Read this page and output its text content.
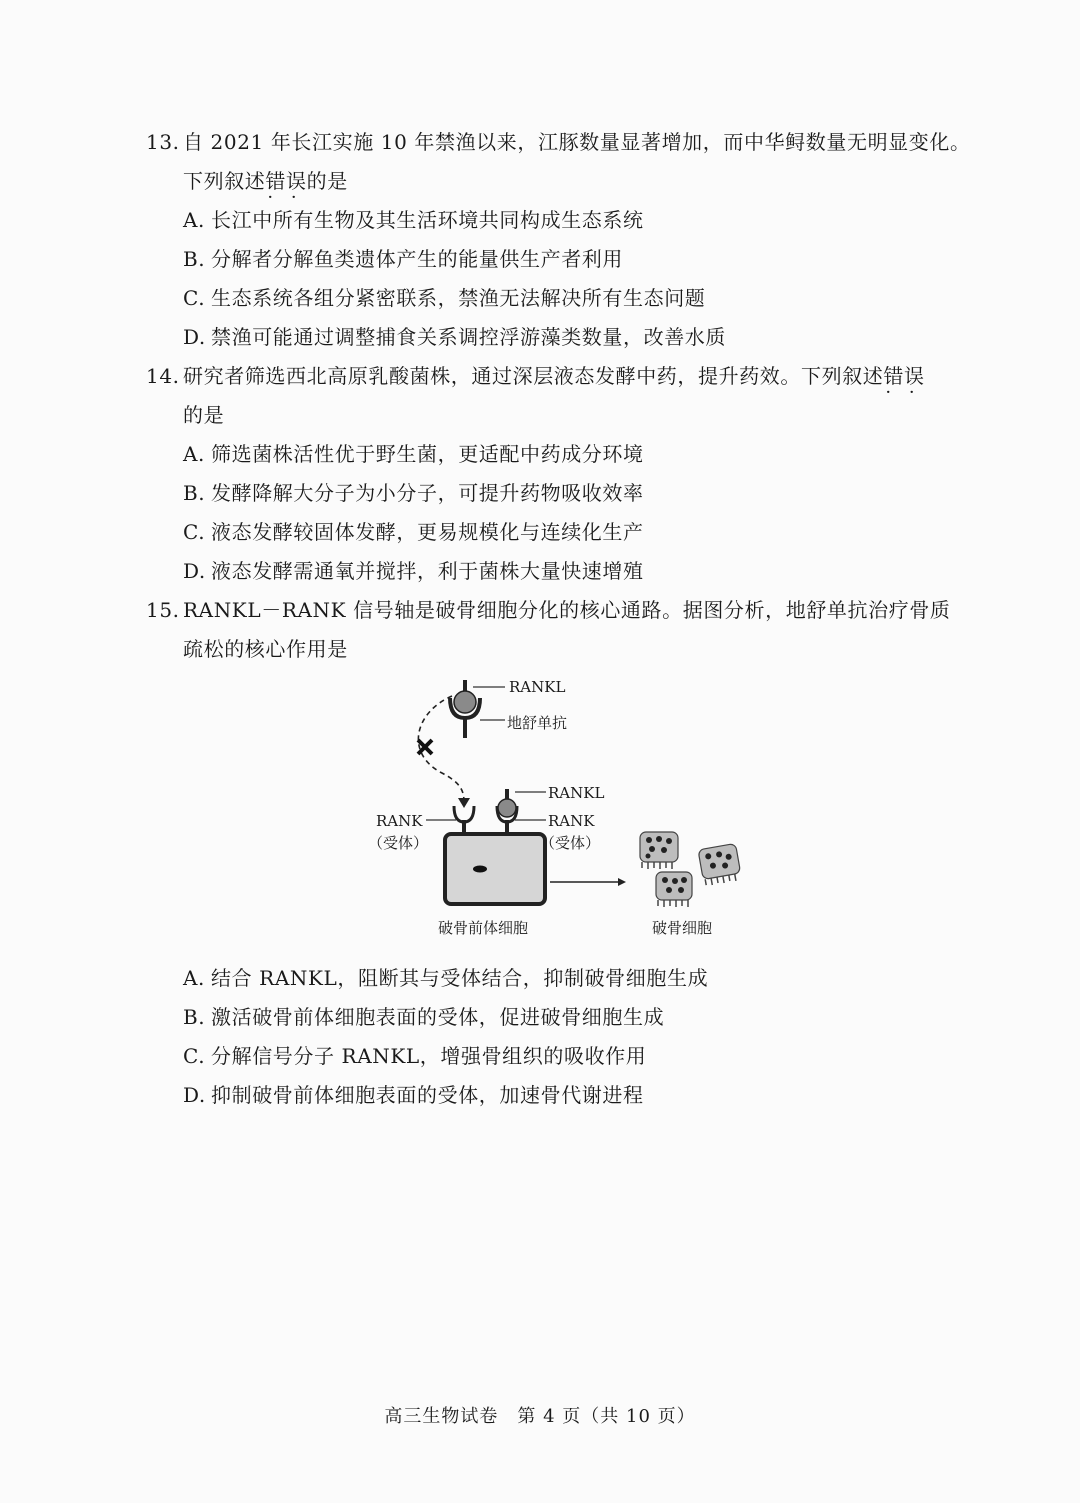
13. 自 2021 年长江实施 10 年禁渔以来，江豚数量显著增加，而中华鲟数量无明显变化。
下列叙述错误 · ·的是
A. 长江中所有生物及其生活环境共同构成生态系统
B. 分解者分解鱼类遗体产生的能量供生产者利用
C. 生态系统各组分紧密联系，禁渔无法解决所有生态问题
D. 禁渔可能通过调整捕食关系调控浮游藻类数量，改善水质
14. 研究者筛选西北高原乳酸菌株，通过深层液态发酵中药，提升药效。下列叙述错误 · ·
的是
A. 筛选菌株活性优于野生菌，更适配中药成分环境
B. 发酵降解大分子为小分子，可提升药物吸收效率
C. 液态发酵较固体发酵，更易规模化与连续化生产
D. 液态发酵需通氧并搅拌，利于菌株大量快速增殖
15. RANKL－RANK 信号轴是破骨细胞分化的核心通路。据图分析，地舒单抗治疗骨质
疏松的核心作用是
RANKL
地舒单抗
RANKL
RANK
（受体）
RANK
（受体）
破骨前体细胞	破骨细胞
A. 结合 RANKL，阻断其与受体结合，抑制破骨细胞生成
B. 激活破骨前体细胞表面的受体，促进破骨细胞生成
C. 分解信号分子 RANKL，增强骨组织的吸收作用
D. 抑制破骨前体细胞表面的受体，加速骨代谢进程
高三生物试卷　第 4 页（共 10 页）
